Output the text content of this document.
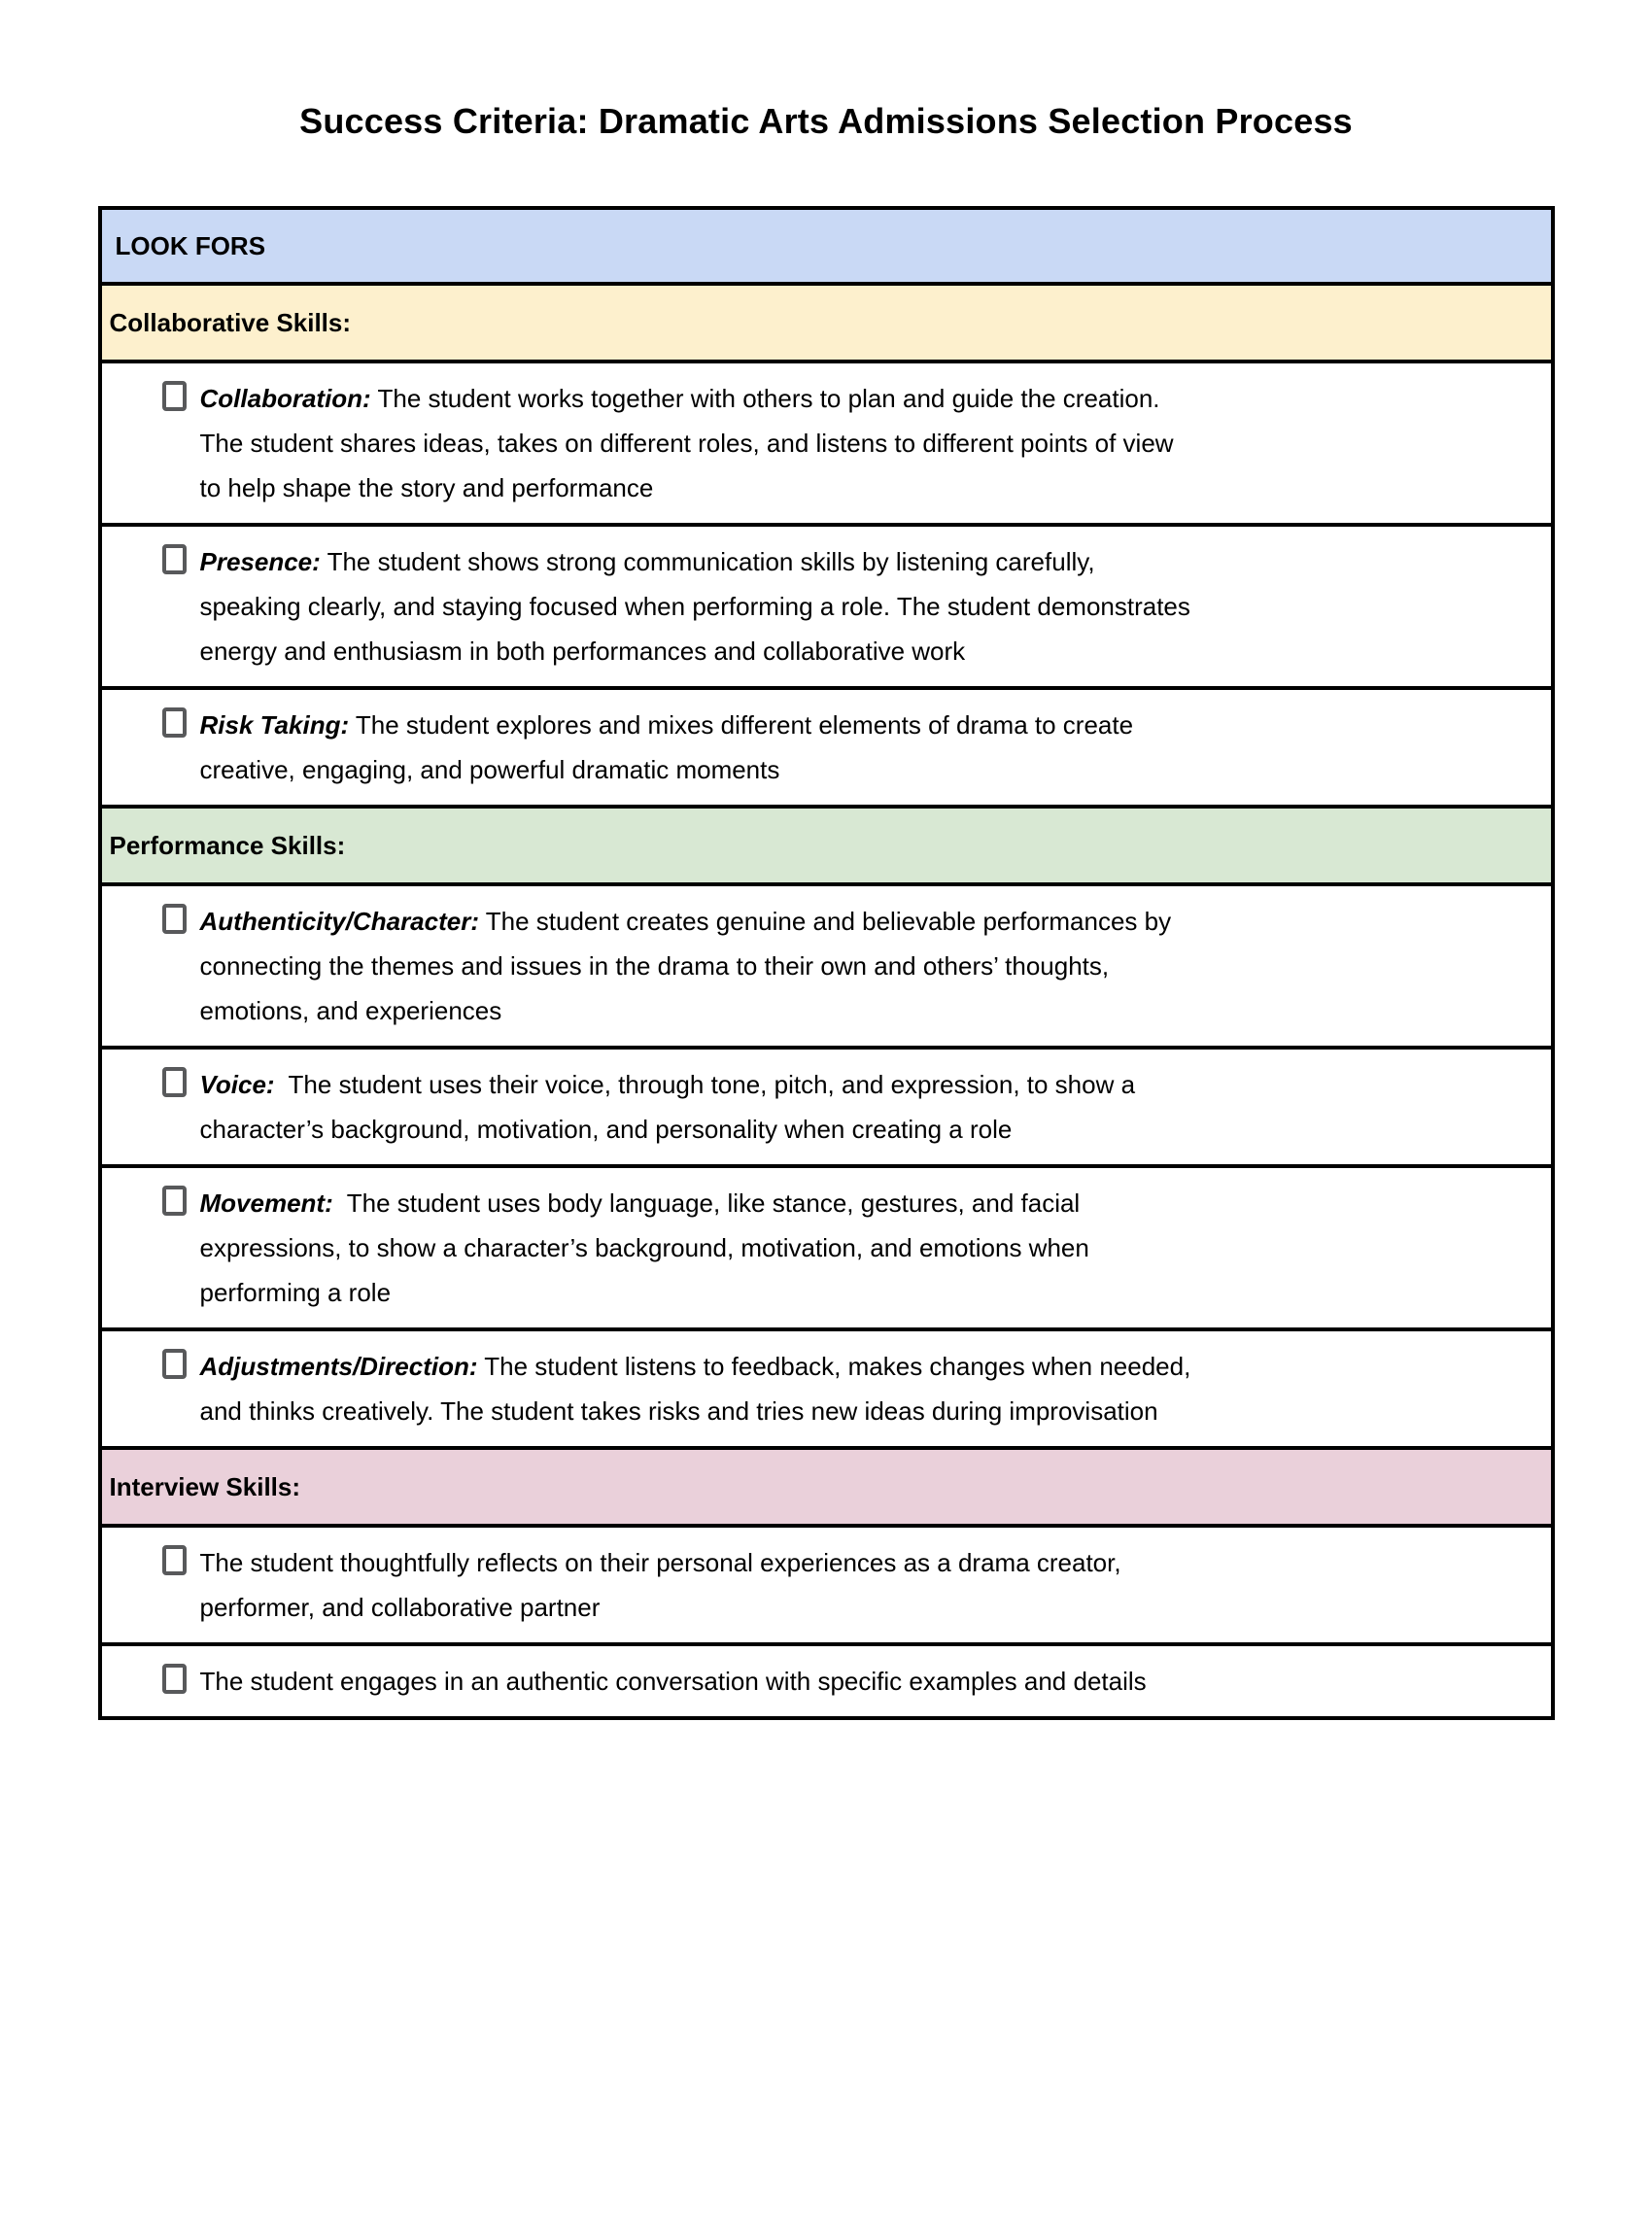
Success Criteria: Dramatic Arts Admissions Selection Process
LOOK FORS
Collaborative Skills:

Collaboration: The student works together with others to plan and guide the creation. The student shares ideas, takes on different roles, and listens to different points of view to help shape the story and performance

Presence: The student shows strong communication skills by listening carefully, speaking clearly, and staying focused when performing a role. The student demonstrates energy and enthusiasm in both performances and collaborative work

Risk Taking: The student explores and mixes different elements of drama to create creative, engaging, and powerful dramatic moments

Performance Skills:

Authenticity/Character: The student creates genuine and believable performances by connecting the themes and issues in the drama to their own and others’ thoughts, emotions, and experiences

Voice:  The student uses their voice, through tone, pitch, and expression, to show a character’s background, motivation, and personality when creating a role

Movement:  The student uses body language, like stance, gestures, and facial expressions, to show a character’s background, motivation, and emotions when performing a role

Adjustments/Direction: The student listens to feedback, makes changes when needed, and thinks creatively. The student takes risks and tries new ideas during improvisation

Interview Skills:

The student thoughtfully reflects on their personal experiences as a drama creator, performer, and collaborative partner

The student engages in an authentic conversation with specific examples and details
